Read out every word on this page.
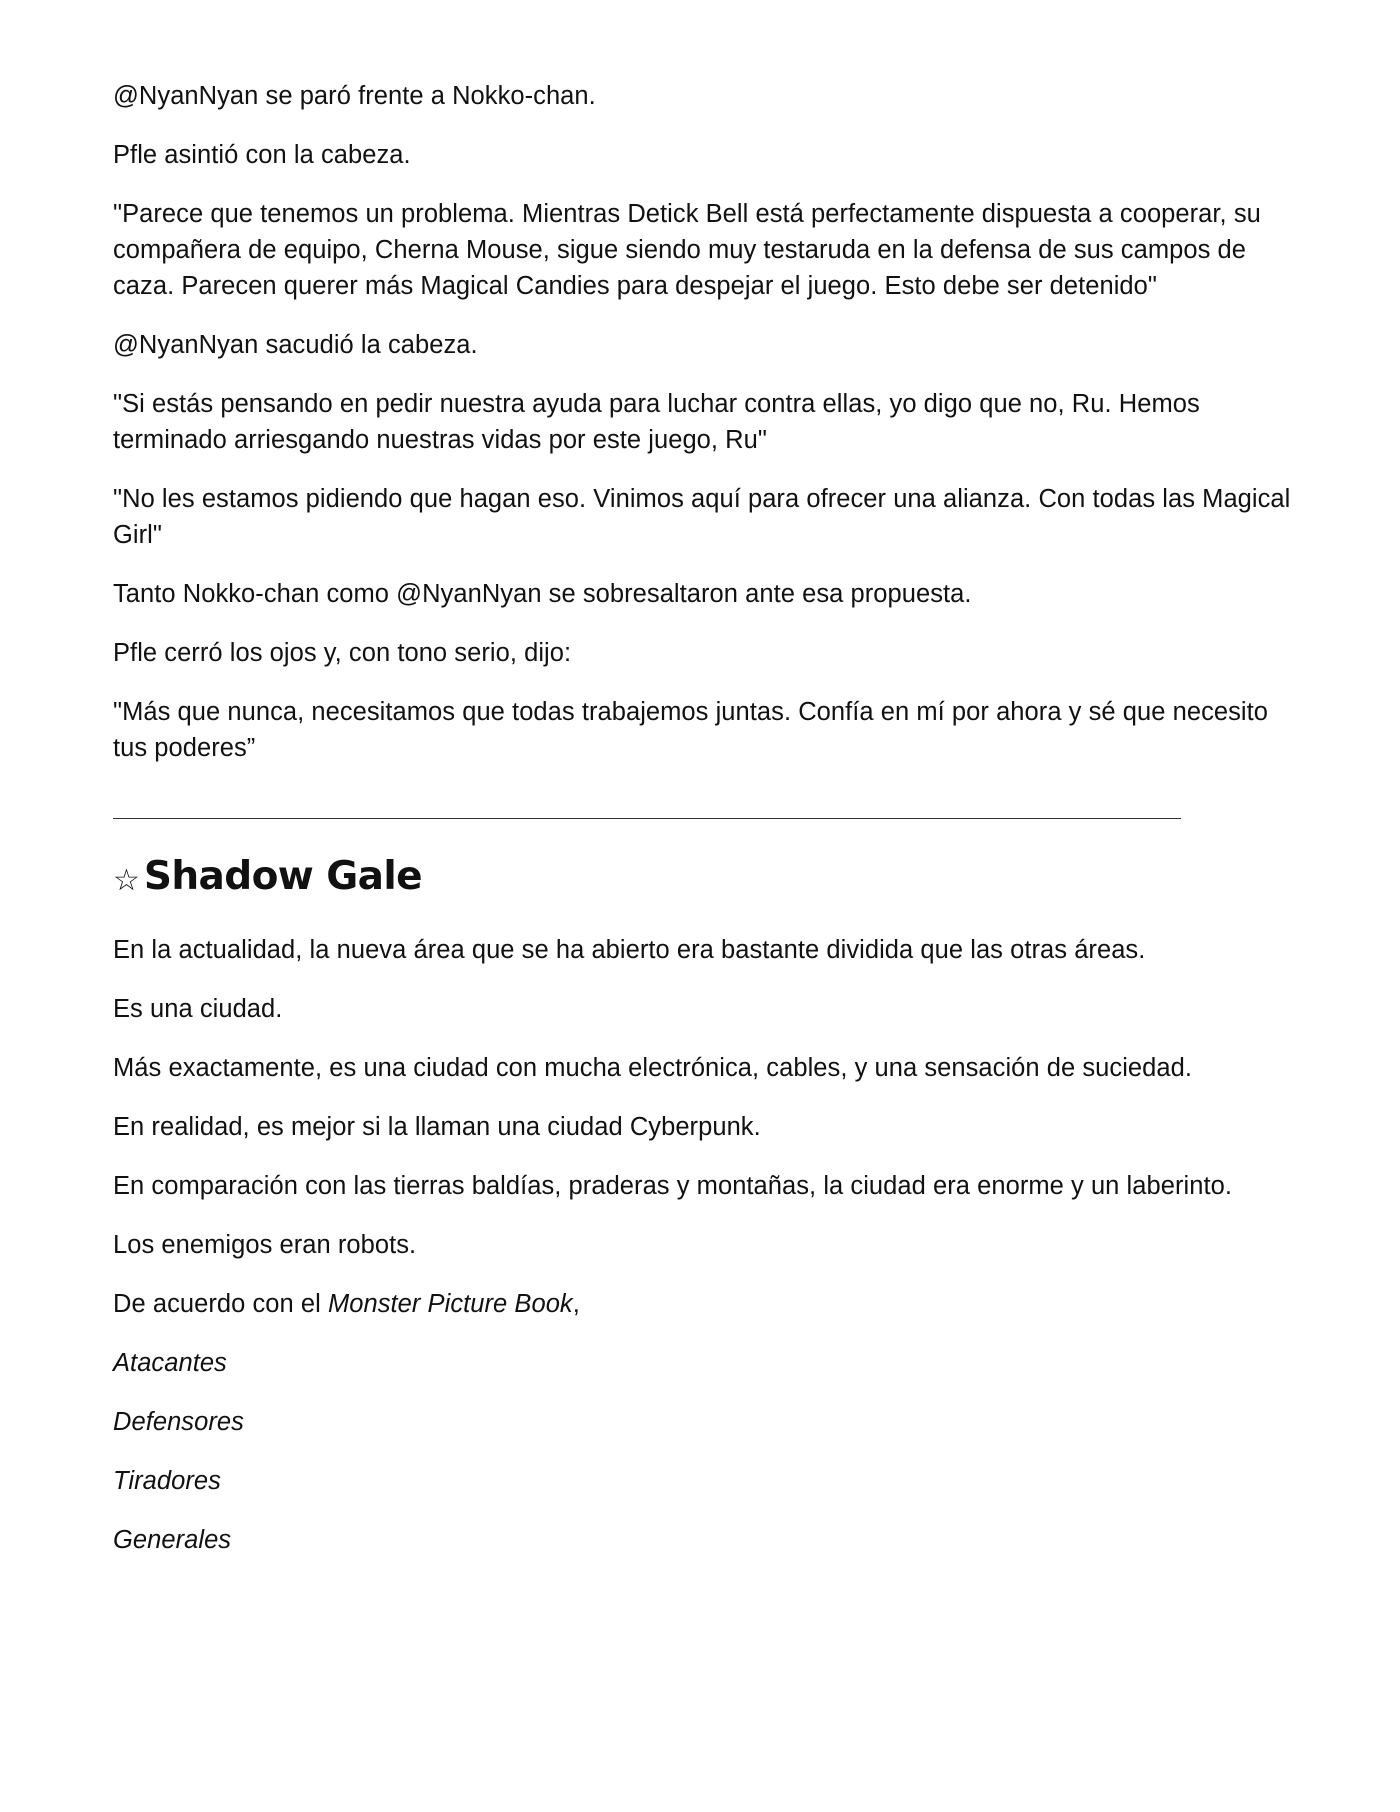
@NyanNyan se paró frente a Nokko-chan.

Pfle asintió con la cabeza.

"Parece que tenemos un problema. Mientras Detick Bell está perfectamente dispuesta a cooperar, su compañera de equipo, Cherna Mouse, sigue siendo muy testaruda en la defensa de sus campos de caza. Parecen querer más Magical Candies para despejar el juego. Esto debe ser detenido"

@NyanNyan sacudió la cabeza.

"Si estás pensando en pedir nuestra ayuda para luchar contra ellas, yo digo que no, Ru. Hemos terminado arriesgando nuestras vidas por este juego, Ru"

"No les estamos pidiendo que hagan eso. Vinimos aquí para ofrecer una alianza. Con todas las Magical Girl"

Tanto Nokko-chan como @NyanNyan se sobresaltaron ante esa propuesta.

Pfle cerró los ojos y, con tono serio, dijo:

"Más que nunca, necesitamos que todas trabajemos juntas. Confía en mí por ahora y sé que necesito tus poderes”

☆ Shadow Gale

En la actualidad, la nueva área que se ha abierto era bastante dividida que las otras áreas.

Es una ciudad.

Más exactamente, es una ciudad con mucha electrónica, cables, y una sensación de suciedad.

En realidad, es mejor si la llaman una ciudad Cyberpunk.

En comparación con las tierras baldías, praderas y montañas, la ciudad era enorme y un laberinto.

Los enemigos eran robots.

De acuerdo con el Monster Picture Book,

Atacantes

Defensores

Tiradores

Generales
